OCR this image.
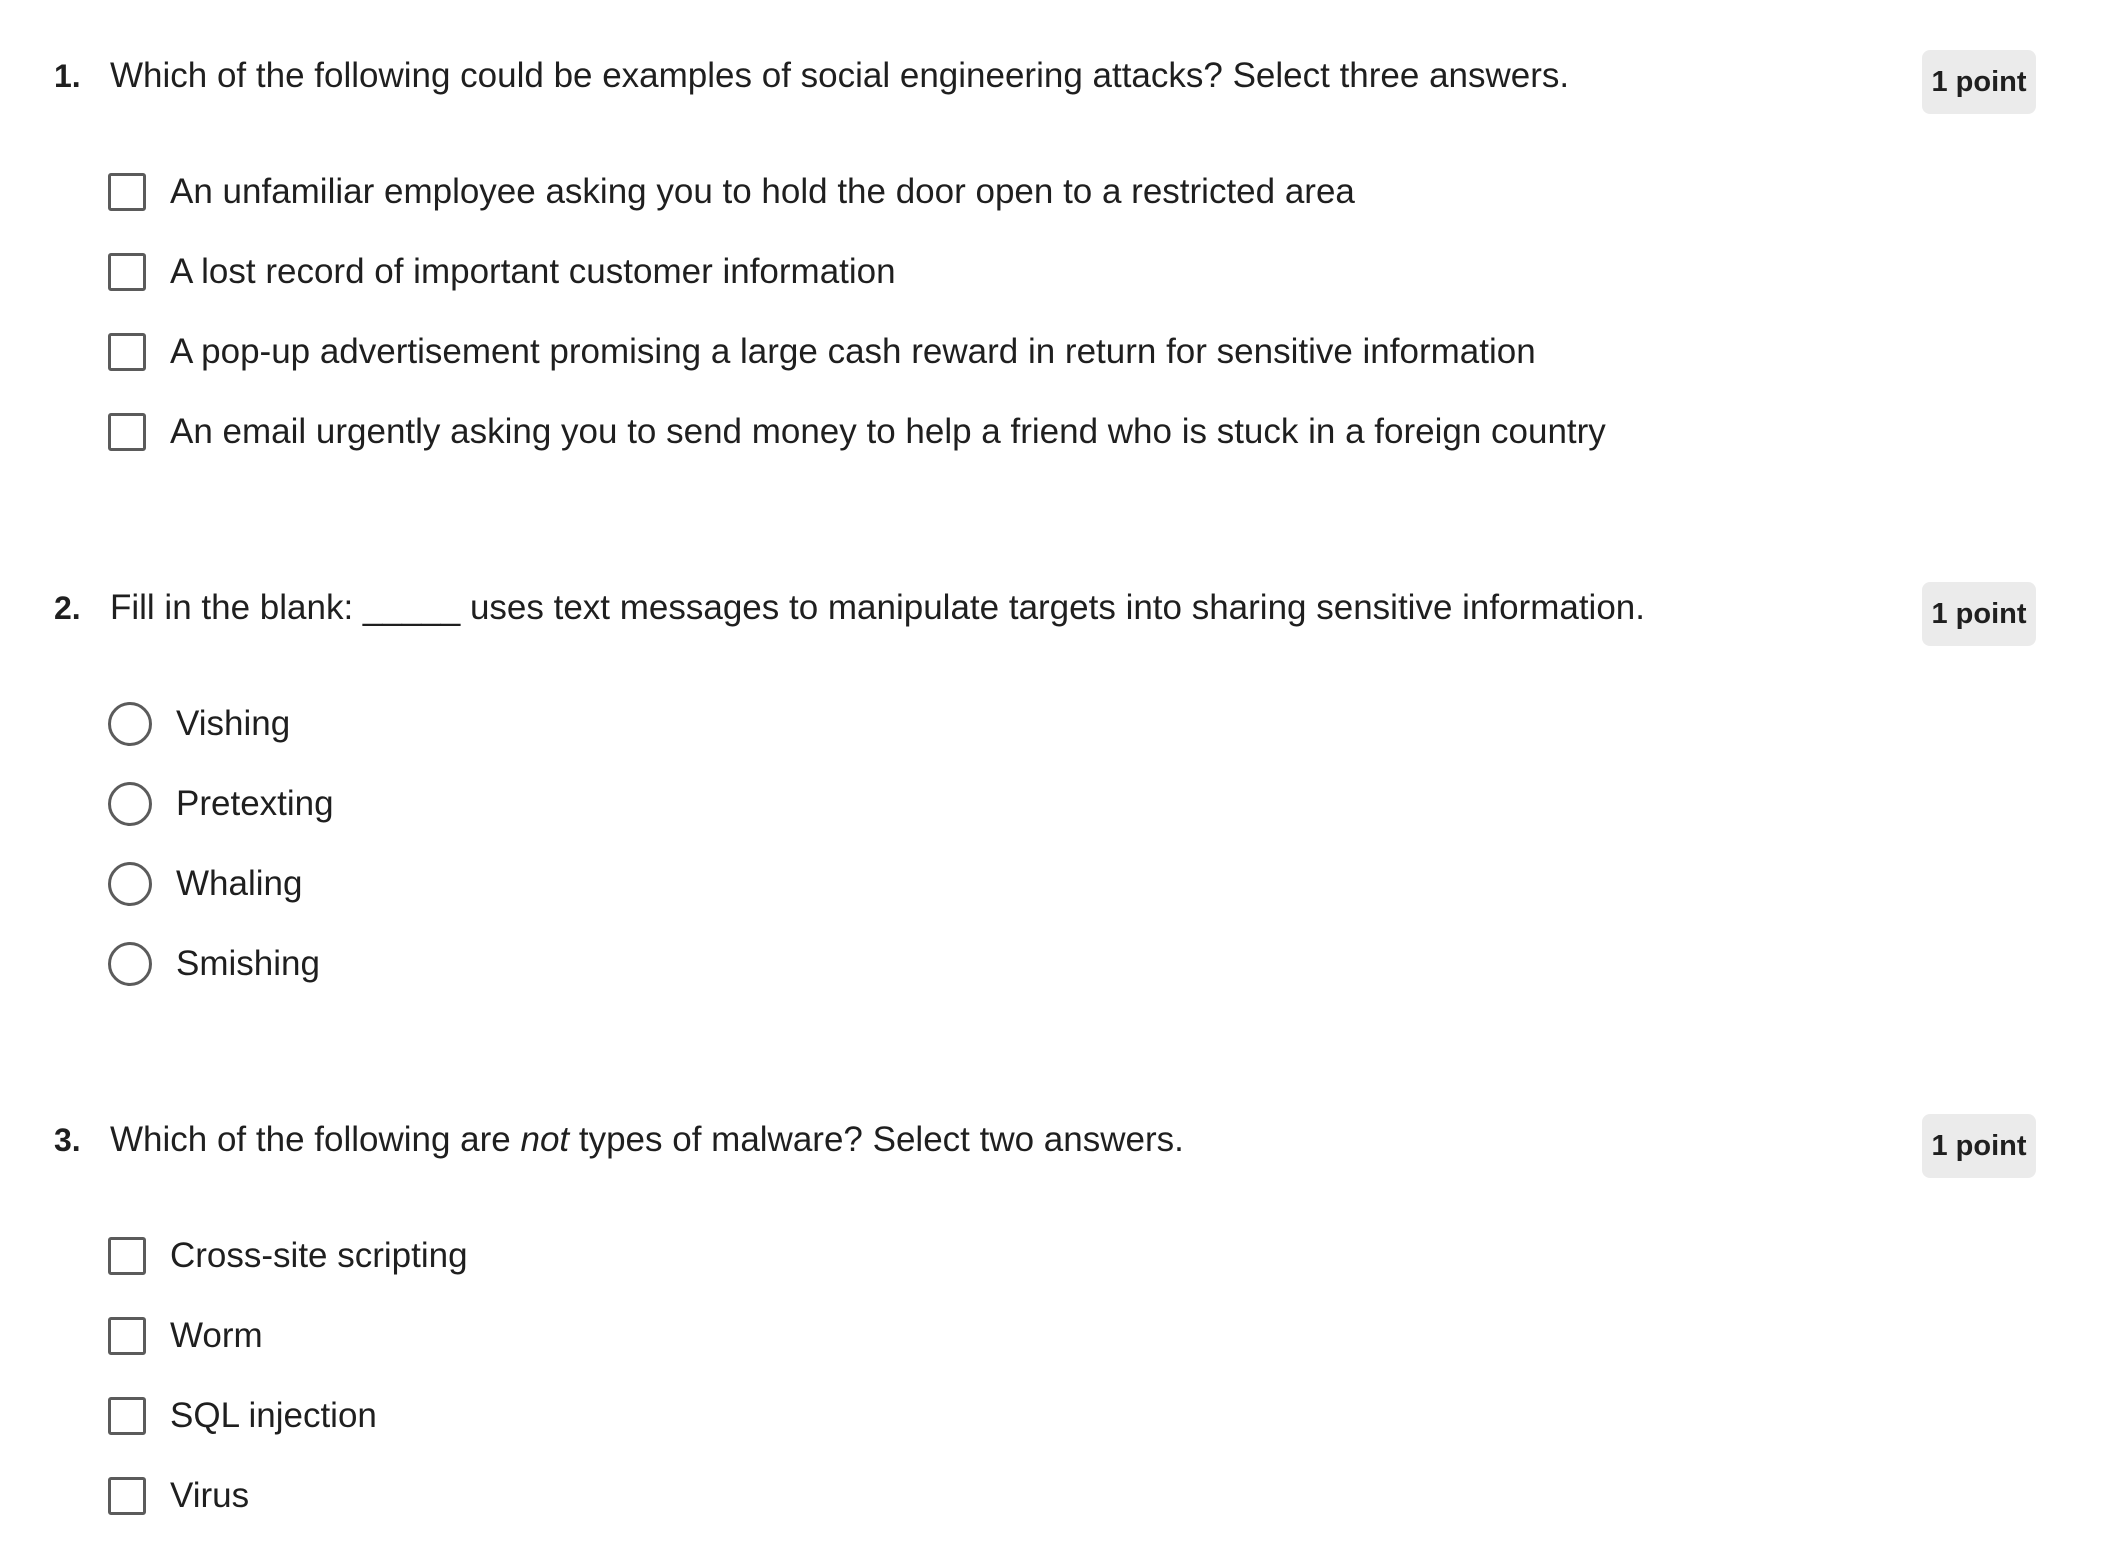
1. Which of the following could be examples of social engineering attacks? Select three answers.	1 point
An unfamiliar employee asking you to hold the door open to a restricted area
A lost record of important customer information
A pop-up advertisement promising a large cash reward in return for sensitive information
An email urgently asking you to send money to help a friend who is stuck in a foreign country
2. Fill in the blank: _____ uses text messages to manipulate targets into sharing sensitive information.	1 point
Vishing
Pretexting
Whaling
Smishing
3. Which of the following are not types of malware? Select two answers.	1 point
Cross-site scripting
Worm
SQL injection
Virus
